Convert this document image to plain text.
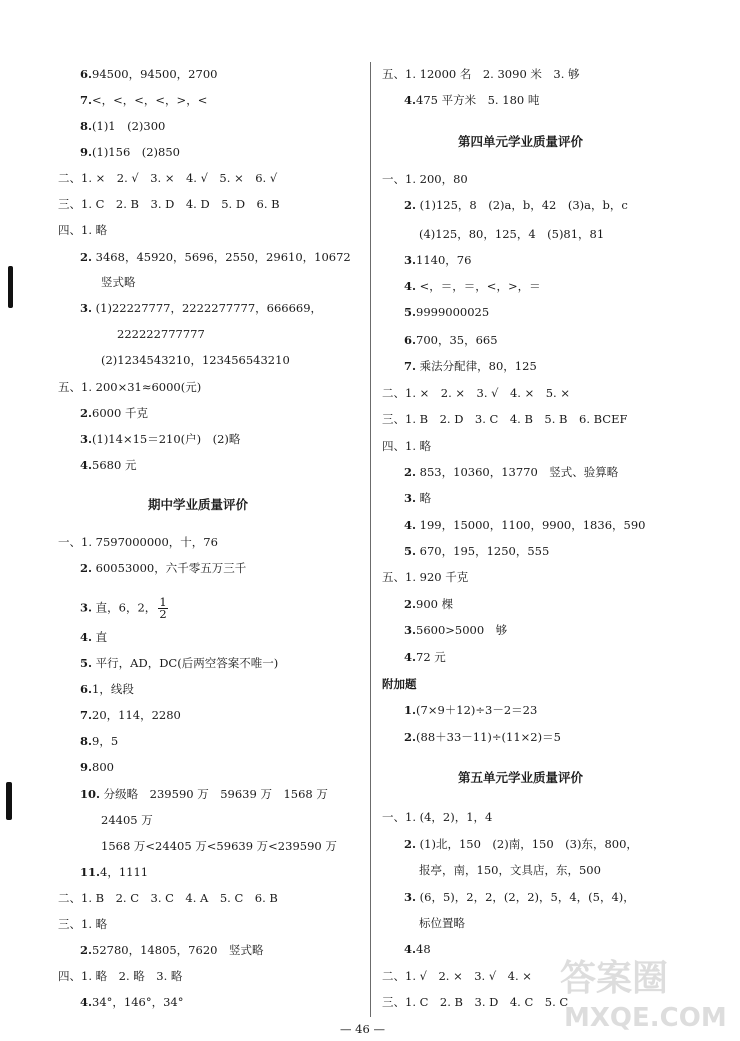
6.94500，94500，2700
7.<，<，<，<，>，<
8.(1)1　(2)300
9.(1)156　(2)850
二、1. ×　2. √　3. ×　4. √　5. ×　6. √
三、1. C　2. B　3. D　4. D　5. D　6. B
四、1. 略
2. 3468，45920，5696，2550，29610，10672
竖式略
3. (1)22227777，2222277777，666669，
222222777777
(2)1234543210，123456543210
五、1. 200×31≈6000(元)
2.6000 千克
3.(1)14×15＝210(户)　(2)略
4.5680 元
期中学业质量评价
一、1. 7597000000，十，76
2. 60053000，六千零五万三千
3. 直，6，2， $\frac{1}{2}$
4. 直
5. 平行，AD，DC(后两空答案不唯一)
6.1，线段
7.20，114，2280
8.9，5
9.800
10. 分级略　239590 万　59639 万　1568 万
24405 万
1568 万<24405 万<59639 万<239590 万
11.4，1111
二、1. B　2. C　3. C　4. A　5. C　6. B
三、1. 略
2.52780，14805，7620　竖式略
四、1. 略　2. 略　3. 略
4.34°，146°，34°
五、1. 12000 名　2. 3090 米　3. 够
4.475 平方米　5. 180 吨
第四单元学业质量评价
一、1. 200，80
2. (1)125，8　(2)a，b，42　(3)a，b，c
(4)125，80，125，4　(5)81，81
3.1140，76
4. <，＝，＝，<，>，＝
5.9999000025
6.700，35，665
7. 乘法分配律，80，125
二、1. ×　2. ×　3. √　4. ×　5. ×
三、1. B　2. D　3. C　4. B　5. B　6. BCEF
四、1. 略
2. 853，10360，13770　竖式、验算略
3. 略
4. 199，15000，1100，9900，1836，590
5. 670，195，1250，555
五、1. 920 千克
2.900 棵
3.5600>5000　够
4.72 元
附加题
1.(7×9＋12)÷3－2＝23
2.(88＋33－11)÷(11×2)＝5
第五单元学业质量评价
一、1. (4，2)，1，4
2. (1)北，150　(2)南，150　(3)东，800，
报亭，南，150，文具店，东，500
3. (6，5)，2，2，(2，2)，5，4，(5，4)，
标位置略
4.48
二、1. √　2. ×　3. √　4. ×
三、1. C　2. B　3. D　4. C　5. C
答案圈
MXQE.COM
— 46 —
